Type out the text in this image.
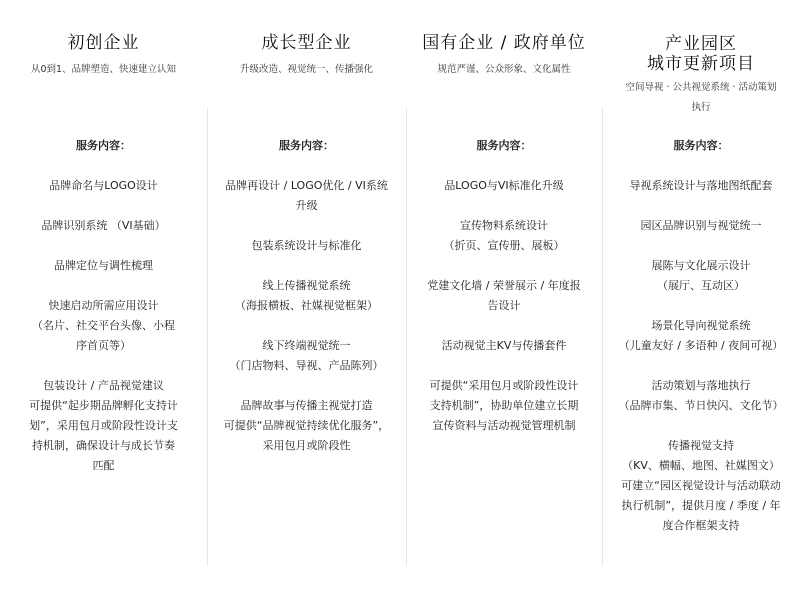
初创企业
从0到1、品牌塑造、快速建立认知
服务内容：
品牌命名与LOGO设计
品牌识别系统 （VI基础）
品牌定位与调性梳理
快速启动所需应用设计
（名片、社交平台头像、小程序首页等）
包装设计 / 产品视觉建议
可提供“起步期品牌孵化支持计划”，采用包月或阶段性设计支持机制，确保设计与成长节奏匹配
成长型企业
升级改造、视觉统一、传播强化
服务内容：
品牌再设计 / LOGO优化 / VI系统升级
包装系统设计与标准化
线上传播视觉系统
（海报横板、社媒视觉框架）
线下终端视觉统一
（门店物料、导视、产品陈列）
品牌故事与传播主视觉打造
可提供“品牌视觉持续优化服务”，采用包月或阶段性
国有企业 / 政府单位
规范严谨、公众形象、文化属性
服务内容：
品LOGO与VI标准化升级
宣传物料系统设计
（折页、宣传册、展板）
党建文化墙 / 荣誉展示 / 年度报告设计
活动视觉主KV与传播套件
可提供“采用包月或阶段性设计支持机制”，协助单位建立长期宣传资料与活动视觉管理机制
产业园区
城市更新项目
空间导视 · 公共视觉系统 · 活动策划执行
服务内容：
导视系统设计与落地图纸配套
园区品牌识别与视觉统一
展陈与文化展示设计
（展厅、互动区）
场景化导向视觉系统
（儿童友好 / 多语种 / 夜间可视）
活动策划与落地执行
（品牌市集、节日快闪、文化节）
传播视觉支持
（KV、横幅、地图、社媒图文）
可建立“园区视觉设计与活动联动执行机制”，提供月度 / 季度 / 年度合作框架支持
